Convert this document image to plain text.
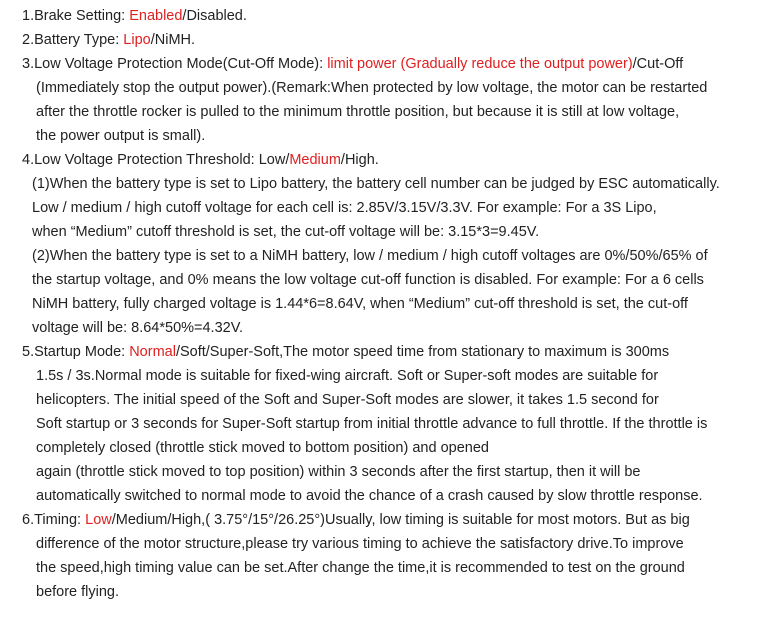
1.Brake Setting: Enabled/Disabled.
2.Battery Type: Lipo/NiMH.
3.Low Voltage Protection Mode(Cut-Off Mode): limit power (Gradually reduce the output power)/Cut-Off
(Immediately stop the output power).(Remark:When protected by low voltage, the motor can be restarted
after the throttle rocker is pulled to the minimum throttle position, but because it is still at low voltage,
the power output is small).
4.Low Voltage Protection Threshold: Low/Medium/High.
(1)When the battery type is set to Lipo battery, the battery cell number can be judged by ESC automatically.
Low / medium / high cutoff voltage for each cell is: 2.85V/3.15V/3.3V. For example: For a 3S Lipo,
when “Medium” cutoff threshold is set, the cut-off voltage will be: 3.15*3=9.45V.
(2)When the battery type is set to a NiMH battery, low / medium / high cutoff voltages are 0%/50%/65% of
the startup voltage, and 0% means the low voltage cut-off function is disabled. For example: For a 6 cells
NiMH battery, fully charged voltage is 1.44*6=8.64V, when “Medium” cut-off threshold is set, the cut-off
voltage will be: 8.64*50%=4.32V.
5.Startup Mode: Normal/Soft/Super-Soft,The motor speed time from stationary to maximum is 300ms
1.5s / 3s.Normal mode is suitable for fixed-wing aircraft. Soft or Super-soft modes are suitable for
helicopters. The initial speed of the Soft and Super-Soft modes are slower, it takes 1.5 second for
Soft startup or 3 seconds for Super-Soft startup from initial throttle advance to full throttle. If the throttle is
completely closed (throttle stick moved to bottom position) and opened
again (throttle stick moved to top position) within 3 seconds after the first startup, then it will be
automatically switched to normal mode to avoid the chance of a crash caused by slow throttle response.
6.Timing: Low/Medium/High,( 3.75°/15°/26.25°)Usually, low timing is suitable for most motors. But as big
difference of the motor structure,please try various timing to achieve the satisfactory drive.To improve
the speed,high timing value can be set.After change the time,it is recommended to test on the ground
before flying.
